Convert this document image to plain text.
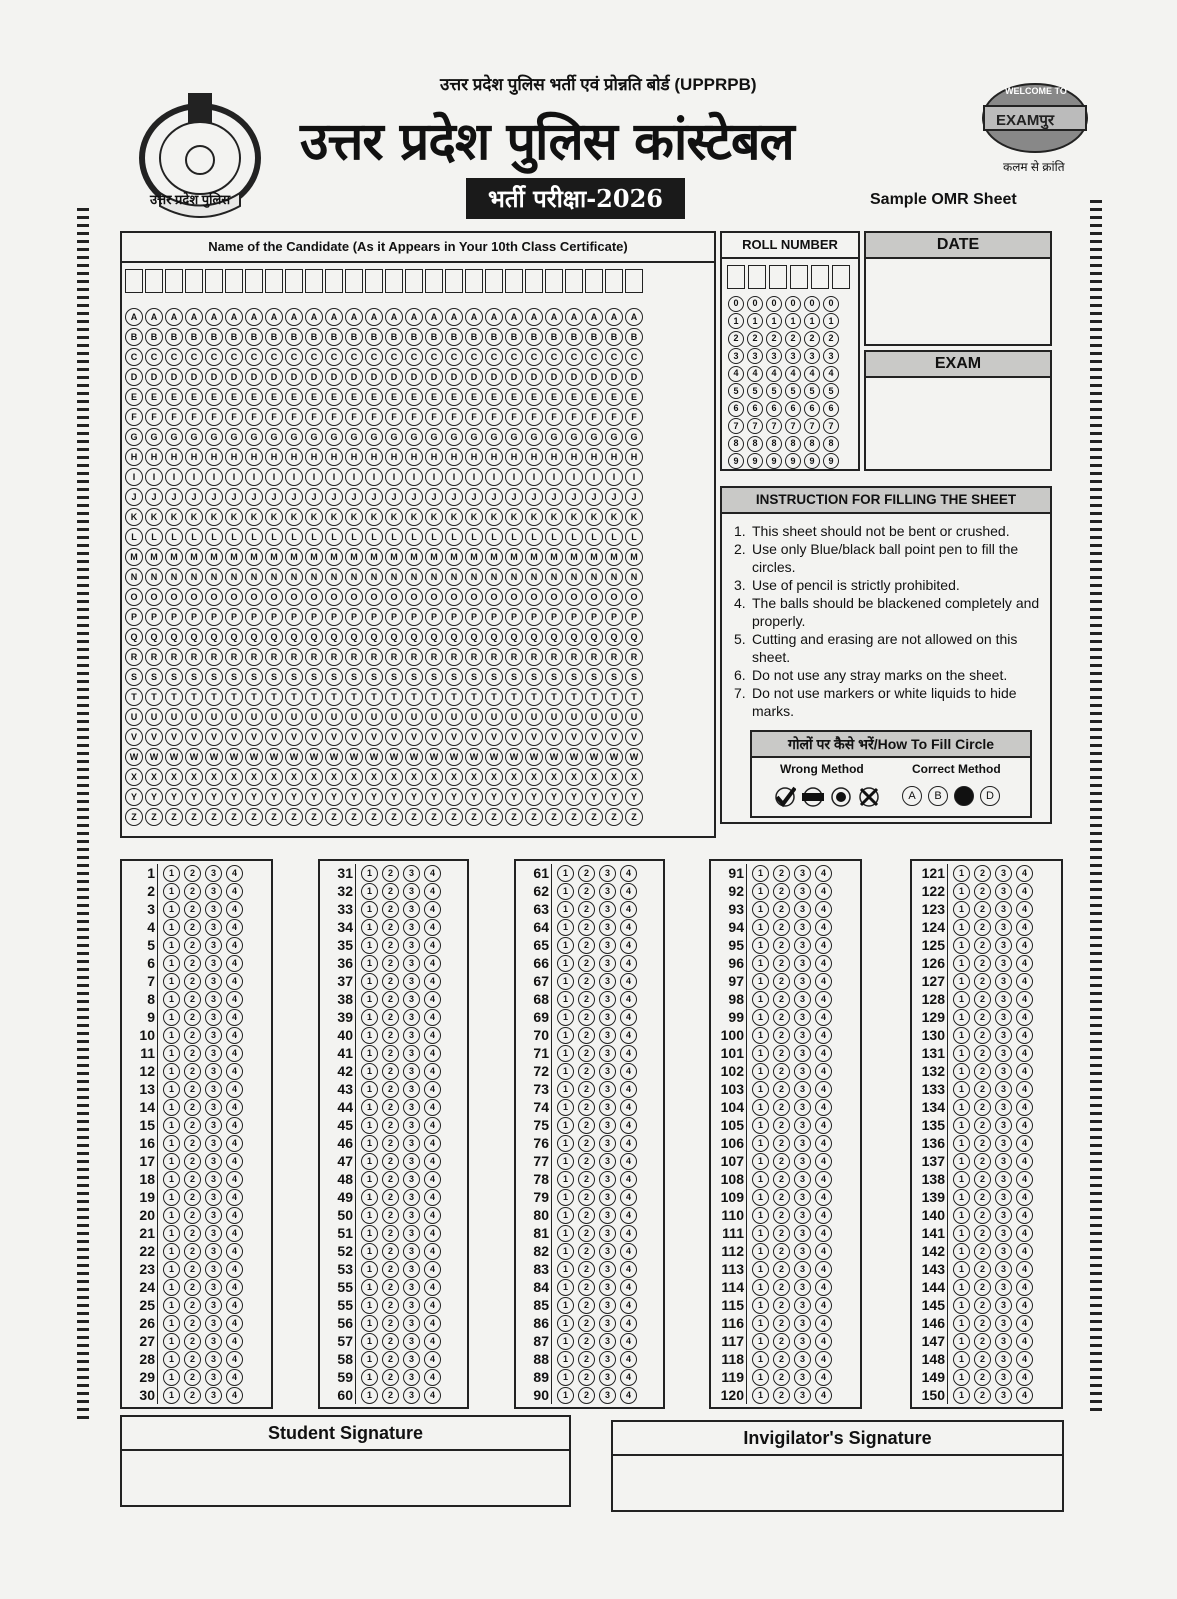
उत्तर प्रदेश पुलिस भर्ती एवं प्रोन्नति बोर्ड (UPPRPB)
उत्तर प्रदेश पुलिस कांस्टेबल
भर्ती परीक्षा-2026	Sample OMR Sheet
उत्तर प्रदेश पुलिस
WELCOME TO
EXAMपुर
कलम से क्रांति
Name of the Candidate (As it Appears in Your 10th Class Certificate)
A	A	A	A	A	A	A	A	A	A	A	A	A	A	A	A	A	A	A	A	A	A	A	A	A	A
B	B	B	B	B	B	B	B	B	B	B	B	B	B	B	B	B	B	B	B	B	B	B	B	B	B
C	C	C	C	C	C	C	C	C	C	C	C	C	C	C	C	C	C	C	C	C	C	C	C	C	C
D	D	D	D	D	D	D	D	D	D	D	D	D	D	D	D	D	D	D	D	D	D	D	D	D	D
E	E	E	E	E	E	E	E	E	E	E	E	E	E	E	E	E	E	E	E	E	E	E	E	E	E
F	F	F	F	F	F	F	F	F	F	F	F	F	F	F	F	F	F	F	F	F	F	F	F	F	F
G	G	G	G	G	G	G	G	G	G	G	G	G	G	G	G	G	G	G	G	G	G	G	G	G	G
H	H	H	H	H	H	H	H	H	H	H	H	H	H	H	H	H	H	H	H	H	H	H	H	H	H
I	I	I	I	I	I	I	I	I	I	I	I	I	I	I	I	I	I	I	I	I	I	I	I	I	I
J	J	J	J	J	J	J	J	J	J	J	J	J	J	J	J	J	J	J	J	J	J	J	J	J	J
K	K	K	K	K	K	K	K	K	K	K	K	K	K	K	K	K	K	K	K	K	K	K	K	K	K
L	L	L	L	L	L	L	L	L	L	L	L	L	L	L	L	L	L	L	L	L	L	L	L	L	L
M	M	M	M	M	M	M	M	M	M	M	M	M	M	M	M	M	M	M	M	M	M	M	M	M	M
N	N	N	N	N	N	N	N	N	N	N	N	N	N	N	N	N	N	N	N	N	N	N	N	N	N
O	O	O	O	O	O	O	O	O	O	O	O	O	O	O	O	O	O	O	O	O	O	O	O	O	O
P	P	P	P	P	P	P	P	P	P	P	P	P	P	P	P	P	P	P	P	P	P	P	P	P	P
Q	Q	Q	Q	Q	Q	Q	Q	Q	Q	Q	Q	Q	Q	Q	Q	Q	Q	Q	Q	Q	Q	Q	Q	Q	Q
R	R	R	R	R	R	R	R	R	R	R	R	R	R	R	R	R	R	R	R	R	R	R	R	R	R
S	S	S	S	S	S	S	S	S	S	S	S	S	S	S	S	S	S	S	S	S	S	S	S	S	S
T	T	T	T	T	T	T	T	T	T	T	T	T	T	T	T	T	T	T	T	T	T	T	T	T	T
U	U	U	U	U	U	U	U	U	U	U	U	U	U	U	U	U	U	U	U	U	U	U	U	U	U
V	V	V	V	V	V	V	V	V	V	V	V	V	V	V	V	V	V	V	V	V	V	V	V	V	V
W	W	W	W	W	W	W	W	W	W	W	W	W	W	W	W	W	W	W	W	W	W	W	W	W	W
X	X	X	X	X	X	X	X	X	X	X	X	X	X	X	X	X	X	X	X	X	X	X	X	X	X
Y	Y	Y	Y	Y	Y	Y	Y	Y	Y	Y	Y	Y	Y	Y	Y	Y	Y	Y	Y	Y	Y	Y	Y	Y	Y
Z	Z	Z	Z	Z	Z	Z	Z	Z	Z	Z	Z	Z	Z	Z	Z	Z	Z	Z	Z	Z	Z	Z	Z	Z	Z
ROLL NUMBER
0	0	0	0	0	0
1	1	1	1	1	1
2	2	2	2	2	2
3	3	3	3	3	3
4	4	4	4	4	4
5	5	5	5	5	5
6	6	6	6	6	6
7	7	7	7	7	7
8	8	8	8	8	8
9	9	9	9	9	9
DATE
EXAM
INSTRUCTION FOR FILLING THE SHEET
1. This sheet should not be bent or crushed.
2. Use only Blue/black ball point pen to fill the circles.
3. Use of pencil is strictly prohibited.
4. The balls should be blackened completely and properly.
5. Cutting and erasing are not allowed on this sheet.
6. Do not use any stray marks on the sheet.
7. Do not use markers or white liquids to hide marks.
गोलों पर कैसे भरें/How To Fill Circle
Wrong Method	Correct Method
A	B	D
1	1	2	3	4
2	1	2	3	4
3	1	2	3	4
4	1	2	3	4
5	1	2	3	4
6	1	2	3	4
7	1	2	3	4
8	1	2	3	4
9	1	2	3	4
10	1	2	3	4
11	1	2	3	4
12	1	2	3	4
13	1	2	3	4
14	1	2	3	4
15	1	2	3	4
16	1	2	3	4
17	1	2	3	4
18	1	2	3	4
19	1	2	3	4
20	1	2	3	4
21	1	2	3	4
22	1	2	3	4
23	1	2	3	4
24	1	2	3	4
25	1	2	3	4
26	1	2	3	4
27	1	2	3	4
28	1	2	3	4
29	1	2	3	4
30	1	2	3	4
31	1	2	3	4
32	1	2	3	4
33	1	2	3	4
34	1	2	3	4
35	1	2	3	4
36	1	2	3	4
37	1	2	3	4
38	1	2	3	4
39	1	2	3	4
40	1	2	3	4
41	1	2	3	4
42	1	2	3	4
43	1	2	3	4
44	1	2	3	4
45	1	2	3	4
46	1	2	3	4
47	1	2	3	4
48	1	2	3	4
49	1	2	3	4
50	1	2	3	4
51	1	2	3	4
52	1	2	3	4
53	1	2	3	4
55	1	2	3	4
55	1	2	3	4
56	1	2	3	4
57	1	2	3	4
58	1	2	3	4
59	1	2	3	4
60	1	2	3	4
61	1	2	3	4
62	1	2	3	4
63	1	2	3	4
64	1	2	3	4
65	1	2	3	4
66	1	2	3	4
67	1	2	3	4
68	1	2	3	4
69	1	2	3	4
70	1	2	3	4
71	1	2	3	4
72	1	2	3	4
73	1	2	3	4
74	1	2	3	4
75	1	2	3	4
76	1	2	3	4
77	1	2	3	4
78	1	2	3	4
79	1	2	3	4
80	1	2	3	4
81	1	2	3	4
82	1	2	3	4
83	1	2	3	4
84	1	2	3	4
85	1	2	3	4
86	1	2	3	4
87	1	2	3	4
88	1	2	3	4
89	1	2	3	4
90	1	2	3	4
91	1	2	3	4
92	1	2	3	4
93	1	2	3	4
94	1	2	3	4
95	1	2	3	4
96	1	2	3	4
97	1	2	3	4
98	1	2	3	4
99	1	2	3	4
100	1	2	3	4
101	1	2	3	4
102	1	2	3	4
103	1	2	3	4
104	1	2	3	4
105	1	2	3	4
106	1	2	3	4
107	1	2	3	4
108	1	2	3	4
109	1	2	3	4
110	1	2	3	4
111	1	2	3	4
112	1	2	3	4
113	1	2	3	4
114	1	2	3	4
115	1	2	3	4
116	1	2	3	4
117	1	2	3	4
118	1	2	3	4
119	1	2	3	4
120	1	2	3	4
121	1	2	3	4
122	1	2	3	4
123	1	2	3	4
124	1	2	3	4
125	1	2	3	4
126	1	2	3	4
127	1	2	3	4
128	1	2	3	4
129	1	2	3	4
130	1	2	3	4
131	1	2	3	4
132	1	2	3	4
133	1	2	3	4
134	1	2	3	4
135	1	2	3	4
136	1	2	3	4
137	1	2	3	4
138	1	2	3	4
139	1	2	3	4
140	1	2	3	4
141	1	2	3	4
142	1	2	3	4
143	1	2	3	4
144	1	2	3	4
145	1	2	3	4
146	1	2	3	4
147	1	2	3	4
148	1	2	3	4
149	1	2	3	4
150	1	2	3	4
Student Signature	Invigilator's Signature
